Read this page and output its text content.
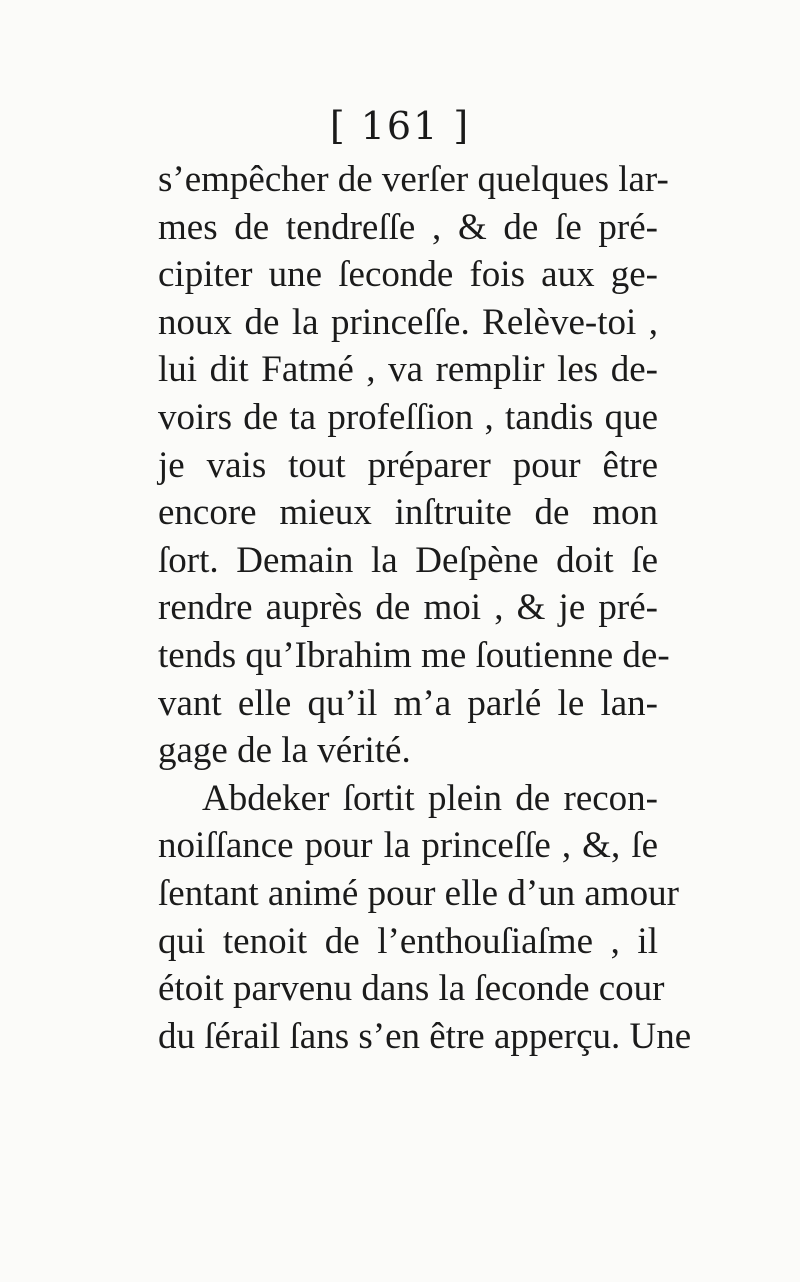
[ 161 ]
s’empêcher de verſer quelques lar-
mes de tendreſſe , & de ſe pré-
cipiter une ſeconde fois aux ge-
noux de la princeſſe. Relève-toi ,
lui dit Fatmé , va remplir les de-
voirs de ta profeſſion , tandis que
je vais tout préparer pour être
encore mieux inſtruite de mon
ſort. Demain la Deſpène doit ſe
rendre auprès de moi , & je pré-
tends qu’Ibrahim me ſoutienne de-
vant elle qu’il m’a parlé le lan-
gage de la vérité.
Abdeker ſortit plein de recon-
noiſſance pour la princeſſe , &, ſe
ſentant animé pour elle d’un amour
qui tenoit de l’enthouſiaſme , il
étoit parvenu dans la ſeconde cour
du ſérail ſans s’en être apperçu. Une
